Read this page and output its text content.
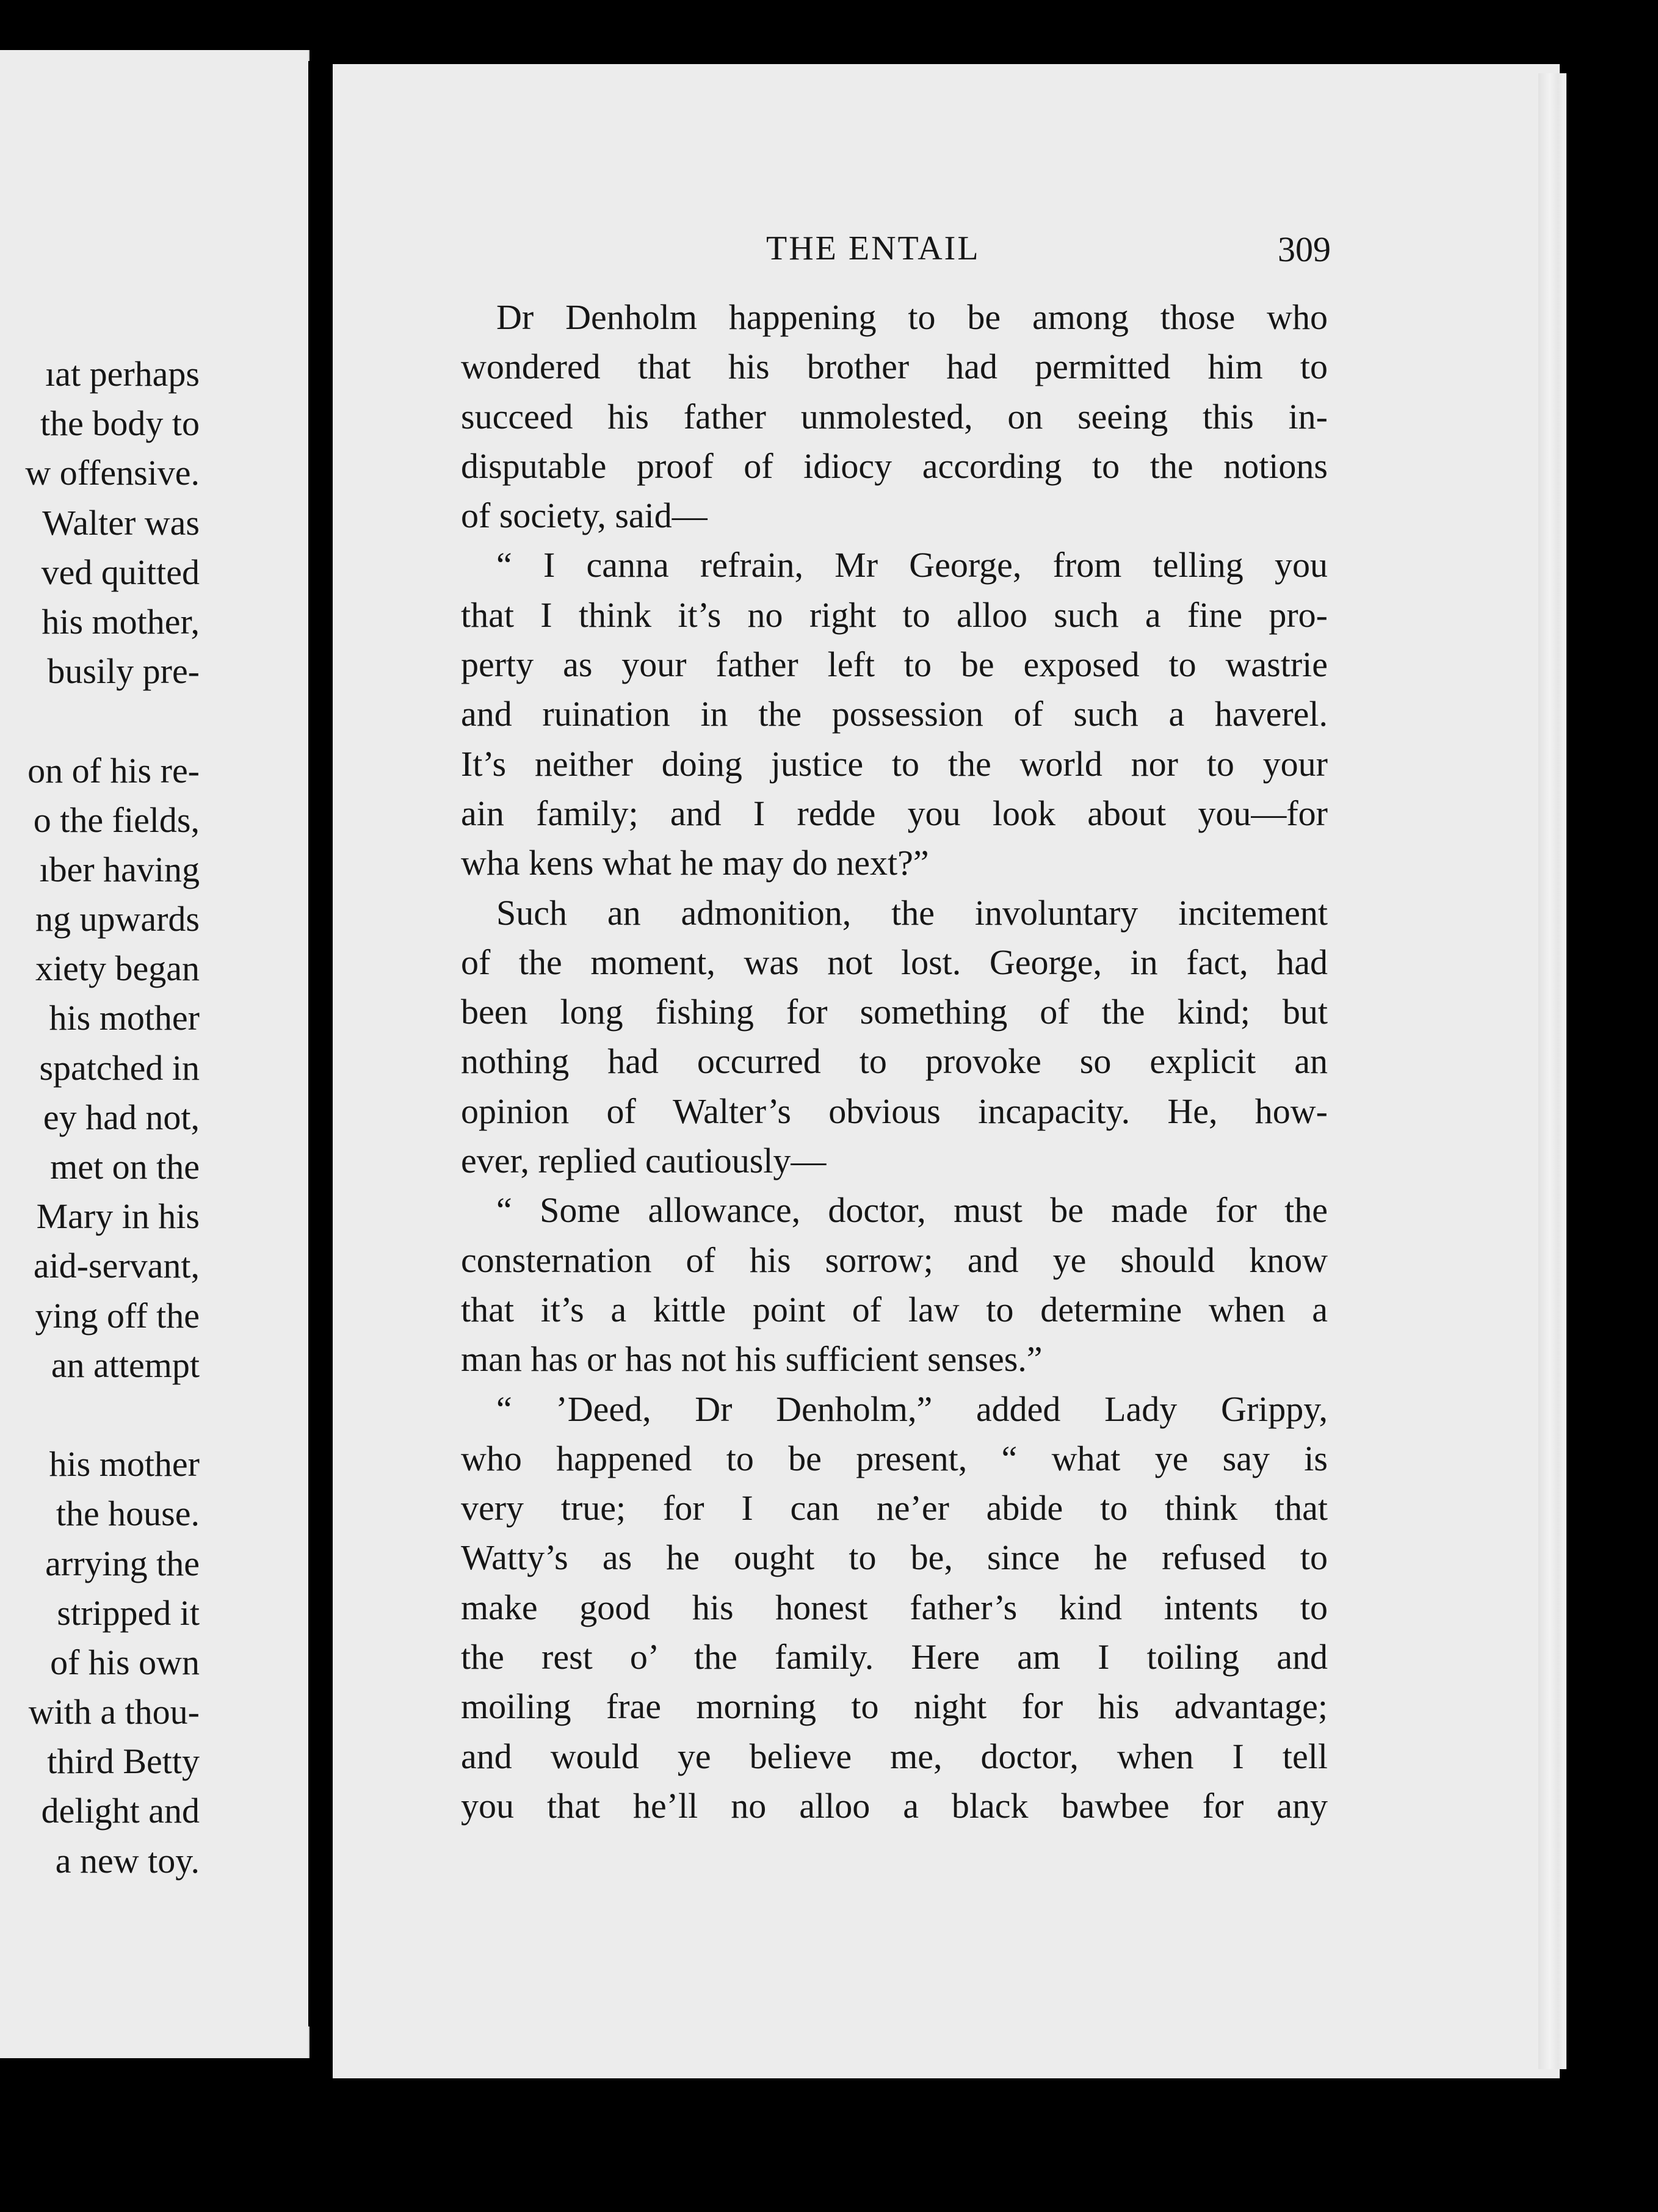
ıat perhaps
the body to
w offensive.
Walter was
ved quitted
his mother,
busily pre-
on of his re-
o the fields,
ıber having
ng upwards
xiety began
his mother
spatched in
ey had not,
met on the
Mary in his
aid-servant,
ying off the
an attempt
his mother
the house.
arrying the
stripped it
of his own
with a thou-
third Betty
delight and
a new toy.
THE ENTAIL	309
Dr Denholm happening to be among those who
wondered that his brother had permitted him to
succeed his father unmolested, on seeing this in-
disputable proof of idiocy according to the notions
of society, said—
“ I canna refrain, Mr George, from telling you
that I think it’s no right to alloo such a fine pro-
perty as your father left to be exposed to wastrie
and ruination in the possession of such a haverel.
It’s neither doing justice to the world nor to your
ain family; and I redde you look about you—for
wha kens what he may do next?”
Such an admonition, the involuntary incitement
of the moment, was not lost. George, in fact, had
been long fishing for something of the kind; but
nothing had occurred to provoke so explicit an
opinion of Walter’s obvious incapacity. He, how-
ever, replied cautiously—
“ Some allowance, doctor, must be made for the
consternation of his sorrow; and ye should know
that it’s a kittle point of law to determine when a
man has or has not his sufficient senses.”
“ ’Deed, Dr Denholm,” added Lady Grippy,
who happened to be present, “ what ye say is
very true; for I can ne’er abide to think that
Watty’s as he ought to be, since he refused to
make good his honest father’s kind intents to
the rest o’ the family. Here am I toiling and
moiling frae morning to night for his advantage;
and would ye believe me, doctor, when I tell
you that he’ll no alloo a black bawbee for any
